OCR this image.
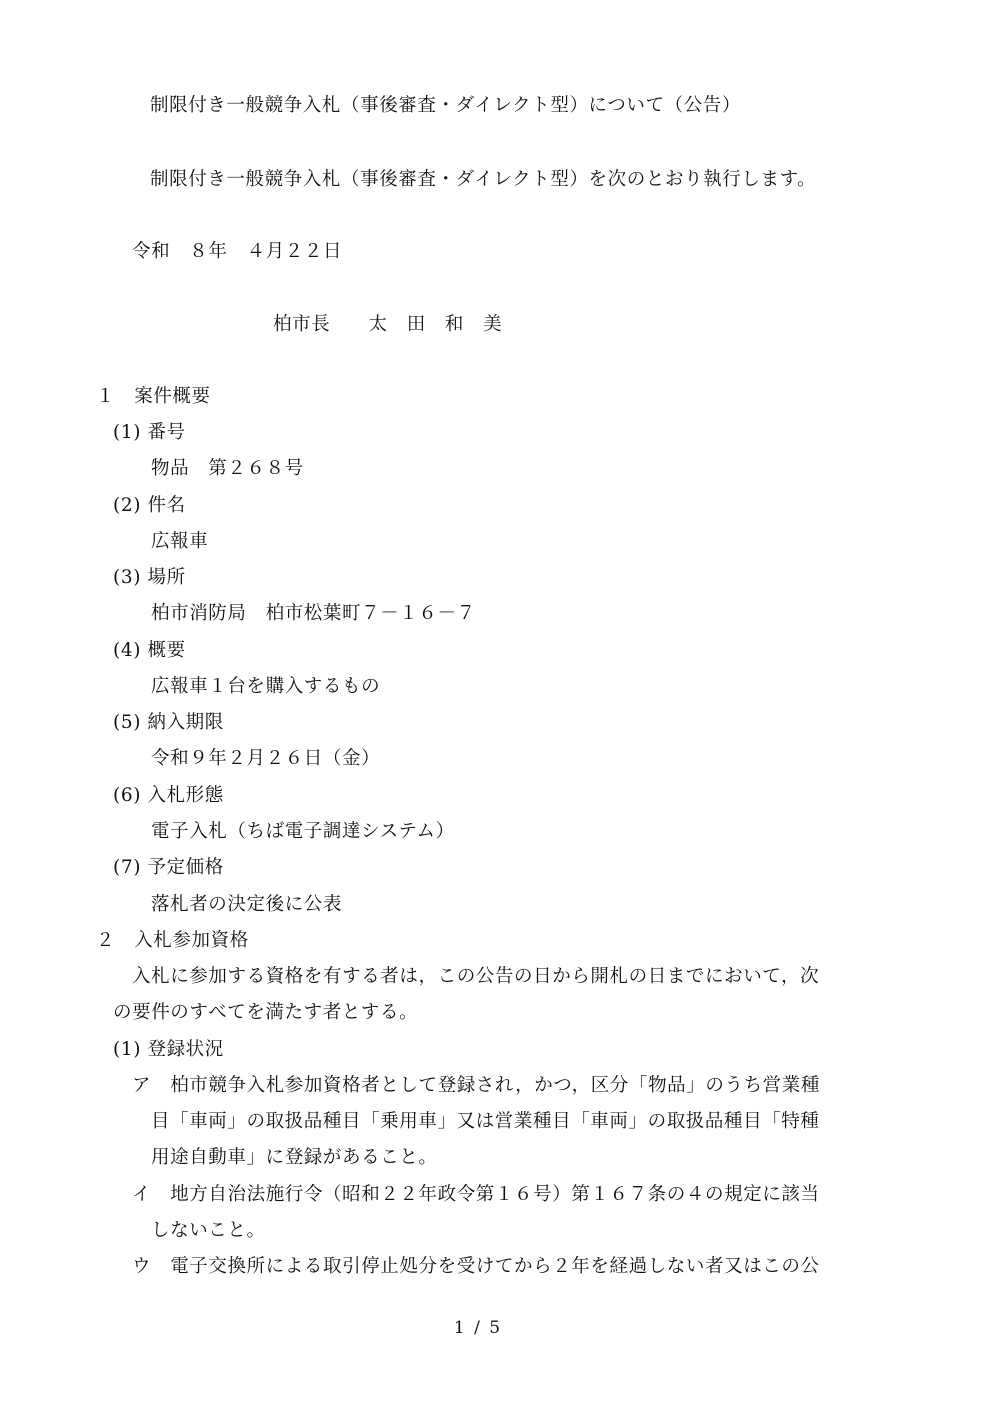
制限付き一般競争入札（事後審査・ダイレクト型）について（公告）
制限付き一般競争入札（事後審査・ダイレクト型）を次のとおり執行します。
令和　８年　４月２２日
柏市長　　太　田　和　美
１　案件概要
(1) 番号
物品　第２６８号
(2) 件名
広報車
(3) 場所
柏市消防局　柏市松葉町７－１６－７
(4) 概要
広報車１台を購入するもの
(5) 納入期限
令和９年２月２６日（金）
(6) 入札形態
電子入札（ちば電子調達システム）
(7) 予定価格
落札者の決定後に公表
２　入札参加資格
入札に参加する資格を有する者は，この公告の日から開札の日までにおいて，次
の要件のすべてを満たす者とする。
(1) 登録状況
ア　柏市競争入札参加資格者として登録され，かつ，区分「物品」のうち営業種
目「車両」の取扱品種目「乗用車」又は営業種目「車両」の取扱品種目「特種
用途自動車」に登録があること。
イ　地方自治法施行令（昭和２２年政令第１６号）第１６７条の４の規定に該当
しないこと。
ウ　電子交換所による取引停止処分を受けてから２年を経過しない者又はこの公
1 / 5
